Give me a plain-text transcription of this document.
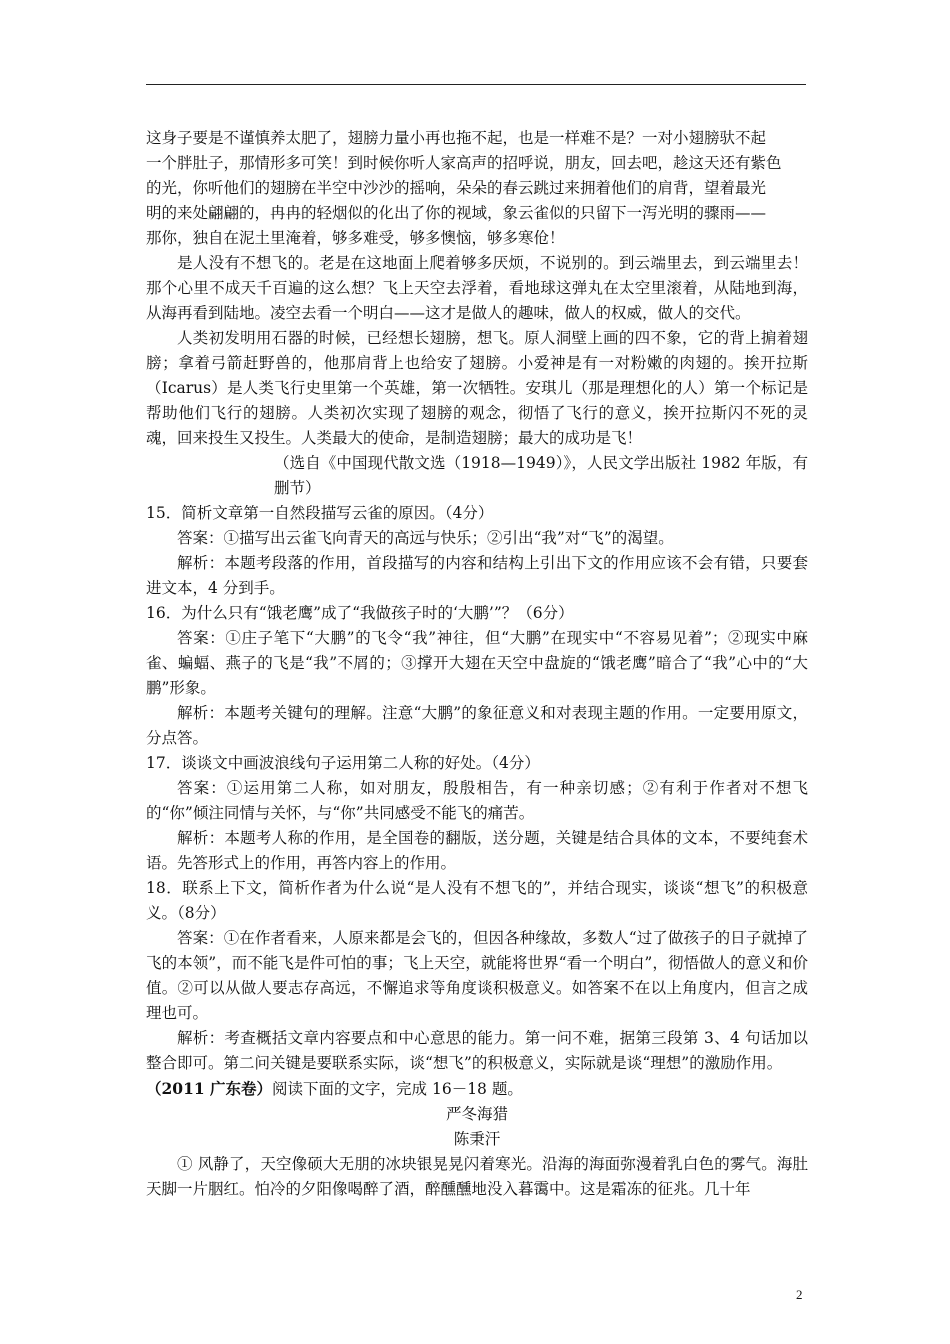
这身子要是不谨慎养太肥了，翅膀力量小再也拖不起，也是一样难不是？一对小翅膀驮不起

一个胖肚子，那情形多可笑！到时候你听人家高声的招呼说，朋友，回去吧，趁这天还有紫色

的光，你听他们的翅膀在半空中沙沙的摇响，朵朵的春云跳过来拥着他们的肩背，望着最光

明的来处翩翩的，冉冉的轻烟似的化出了你的视域，象云雀似的只留下一泻光明的骤雨——

那你，独自在泥土里淹着，够多难受，够多懊恼，够多寒伧！

是人没有不想飞的。老是在这地面上爬着够多厌烦，不说别的。到云端里去，到云端里去！那个心里不成天千百遍的这么想？飞上天空去浮着，看地球这弹丸在太空里滚着，从陆地到海，从海再看到陆地。凌空去看一个明白——这才是做人的趣味，做人的权威，做人的交代。

人类初发明用石器的时候，已经想长翅膀，想飞。原人洞壁上画的四不象，它的背上掮着翅膀；拿着弓箭赶野兽的，他那肩背上也给安了翅膀。小爱神是有一对粉嫩的肉翅的。挨开拉斯（Icarus）是人类飞行史里第一个英雄，第一次牺牲。安琪儿（那是理想化的人）第一个标记是帮助他们飞行的翅膀。人类初次实现了翅膀的观念，彻悟了飞行的意义，挨开拉斯闪不死的灵魂，回来投生又投生。人类最大的使命，是制造翅膀；最大的成功是飞！

（选自《中国现代散文选（1918—1949）》，人民文学出版社 1982 年版，有删节）

15．简析文章第一自然段描写云雀的原因。（4分）

答案：①描写出云雀飞向青天的高远与快乐；②引出“我”对“飞”的渴望。

解析：本题考段落的作用，首段描写的内容和结构上引出下文的作用应该不会有错，只要套进文本，4 分到手。

16．为什么只有“饿老鹰”成了“我做孩子时的‘大鹏’”？（6分）

答案：①庄子笔下“大鹏”的飞令“我”神往，但“大鹏”在现实中“不容易见着”；②现实中麻雀、蝙蝠、燕子的飞是“我”不屑的；③撑开大翅在天空中盘旋的“饿老鹰”暗合了“我”心中的“大鹏”形象。

解析：本题考关键句的理解。注意“大鹏”的象征意义和对表现主题的作用。一定要用原文，分点答。

17．谈谈文中画波浪线句子运用第二人称的好处。（4分）

答案：①运用第二人称，如对朋友，殷殷相告，有一种亲切感；②有利于作者对不想飞的“你”倾注同情与关怀，与“你”共同感受不能飞的痛苦。

解析：本题考人称的作用，是全国卷的翻版，送分题，关键是结合具体的文本，不要纯套术语。先答形式上的作用，再答内容上的作用。

18．联系上下文，简析作者为什么说“是人没有不想飞的”，并结合现实，谈谈“想飞”的积极意义。（8分）

答案：①在作者看来，人原来都是会飞的，但因各种缘故，多数人“过了做孩子的日子就掉了飞的本领”，而不能飞是件可怕的事；飞上天空，就能将世界“看一个明白”，彻悟做人的意义和价值。②可以从做人要志存高远，不懈追求等角度谈积极意义。如答案不在以上角度内，但言之成理也可。

解析：考查概括文章内容要点和中心意思的能力。第一问不难，据第三段第 3、4 句话加以整合即可。第二问关键是要联系实际，谈“想飞”的积极意义，实际就是谈“理想”的激励作用。

（2011 广东卷）阅读下面的文字，完成 16－18 题。

严冬海猎

陈秉汗

① 风静了，天空像硕大无朋的冰块银晃晃闪着寒光。沿海的海面弥漫着乳白色的雾气。海肚天脚一片胭红。怕冷的夕阳像喝醉了酒，醉醺醺地没入暮霭中。这是霜冻的征兆。几十年

2
